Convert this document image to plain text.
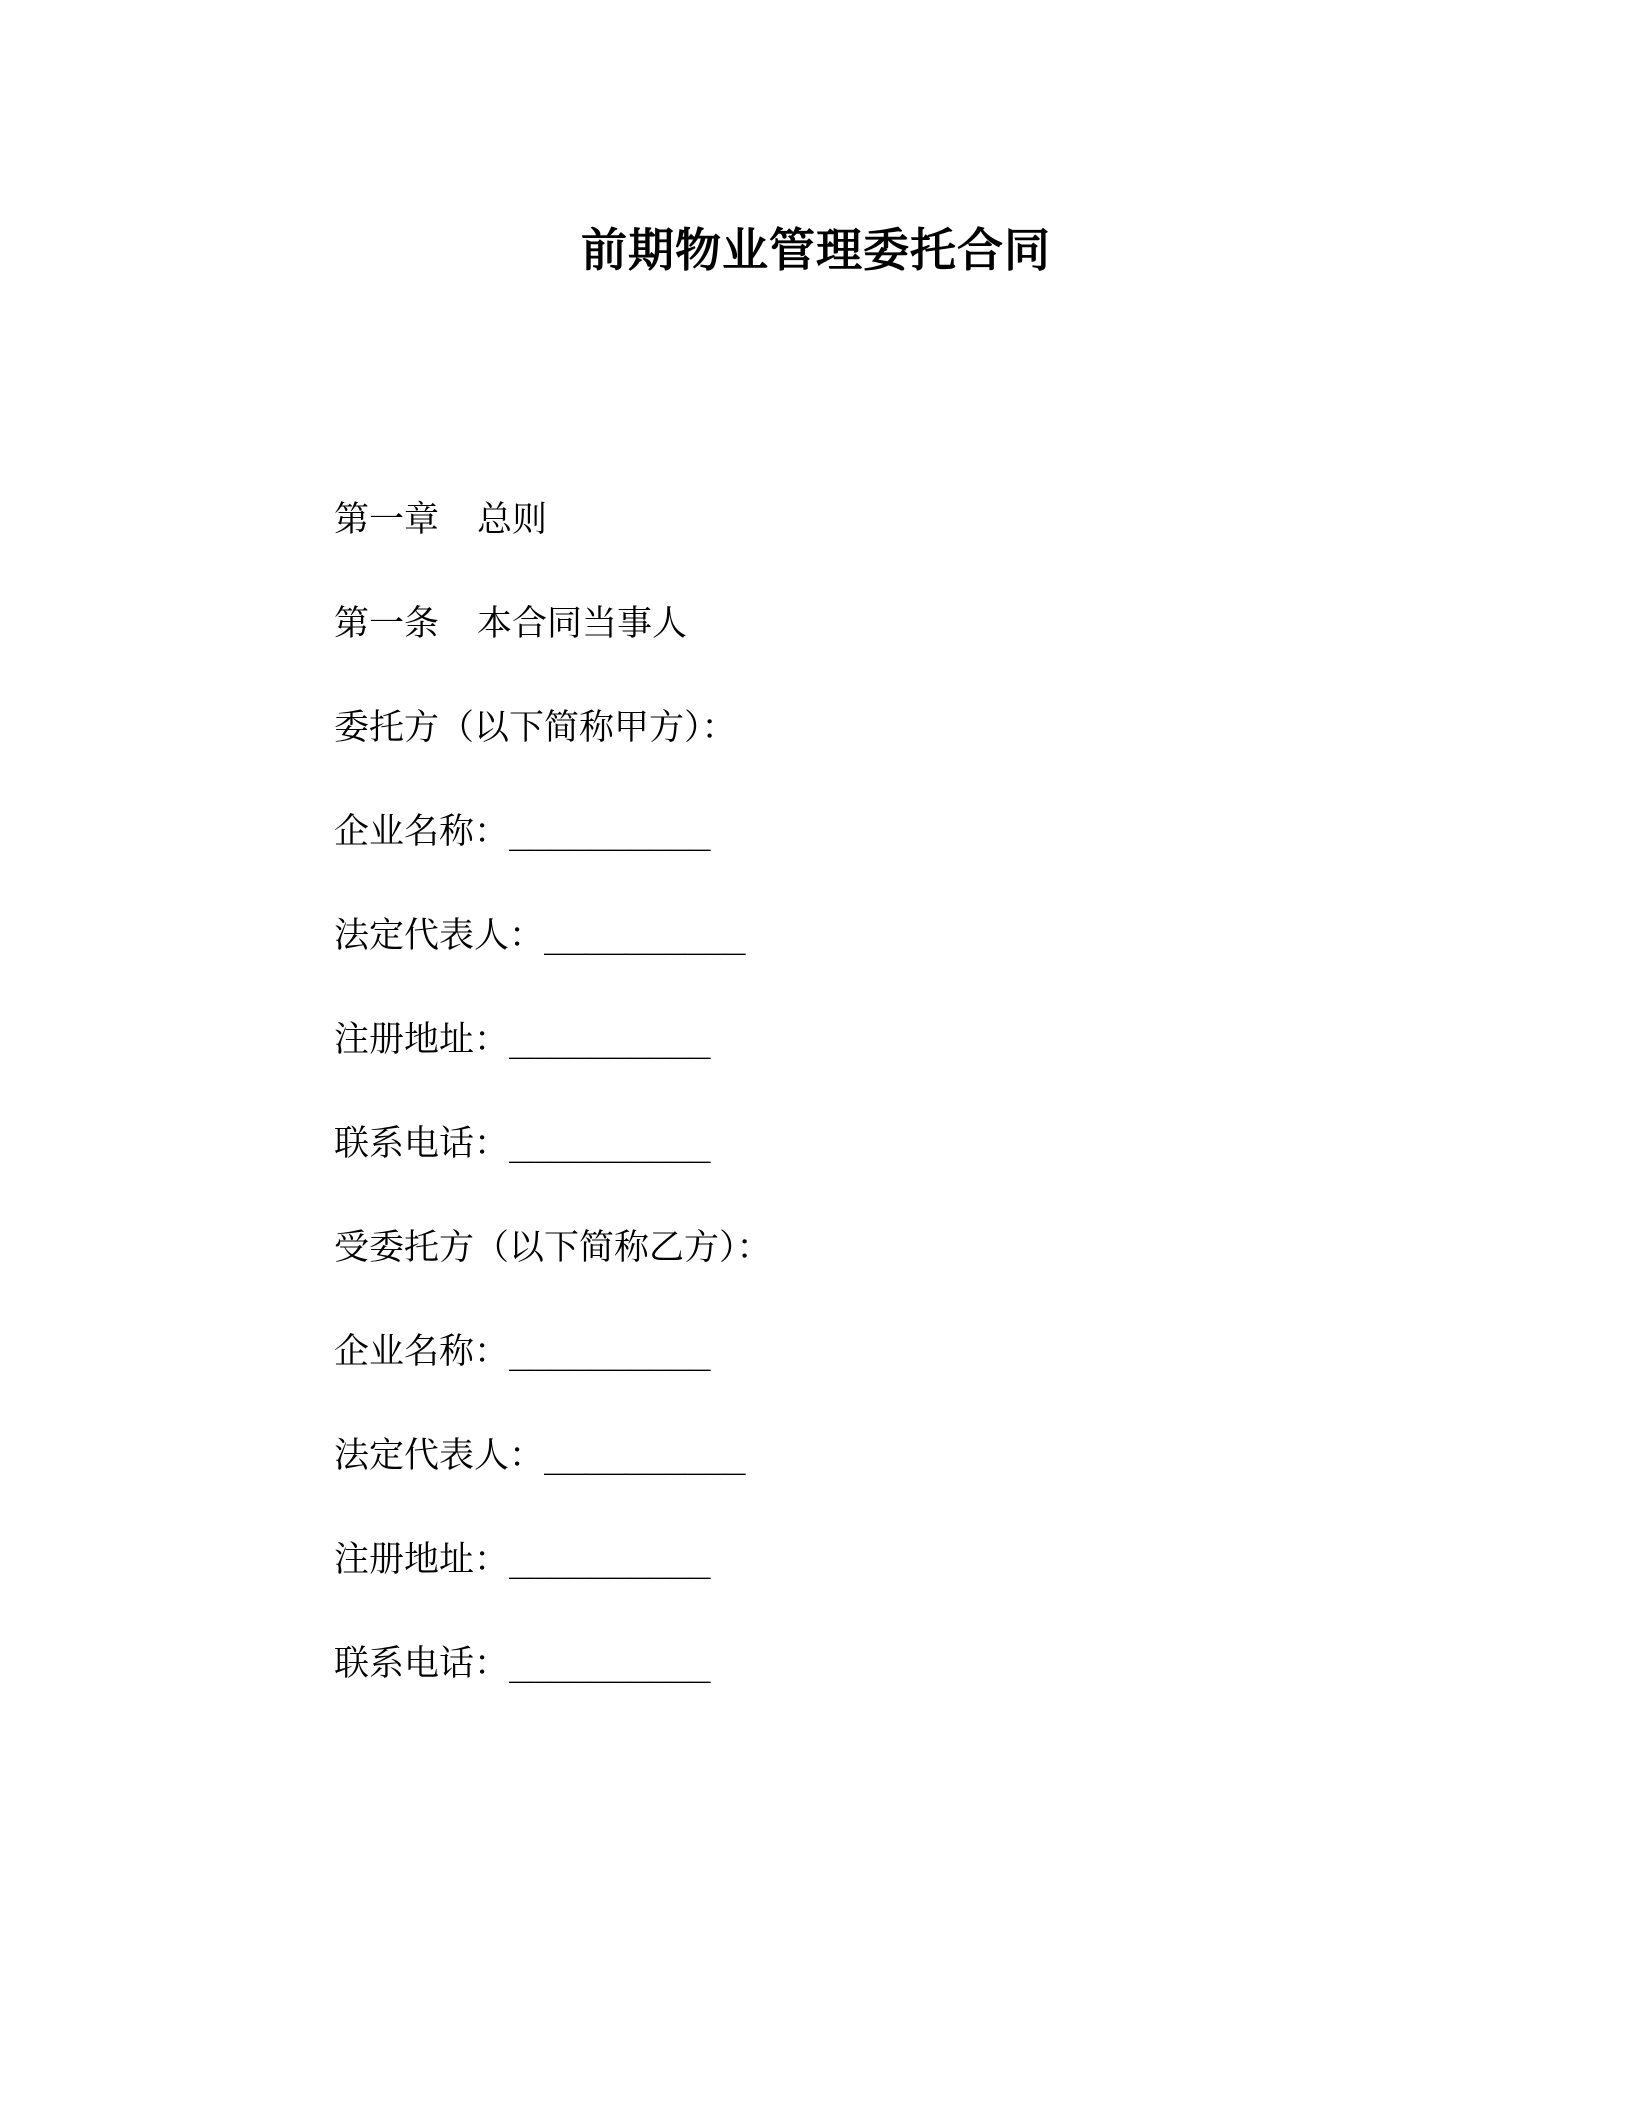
前期物业管理委托合同
第一章 总则
第一条 本合同当事人
委托方（以下简称甲方）：
企业名称：__________
法定代表人：__________
注册地址：__________
联系电话：__________
受委托方（以下简称乙方）：
企业名称：__________
法定代表人：__________
注册地址：__________
联系电话：__________
